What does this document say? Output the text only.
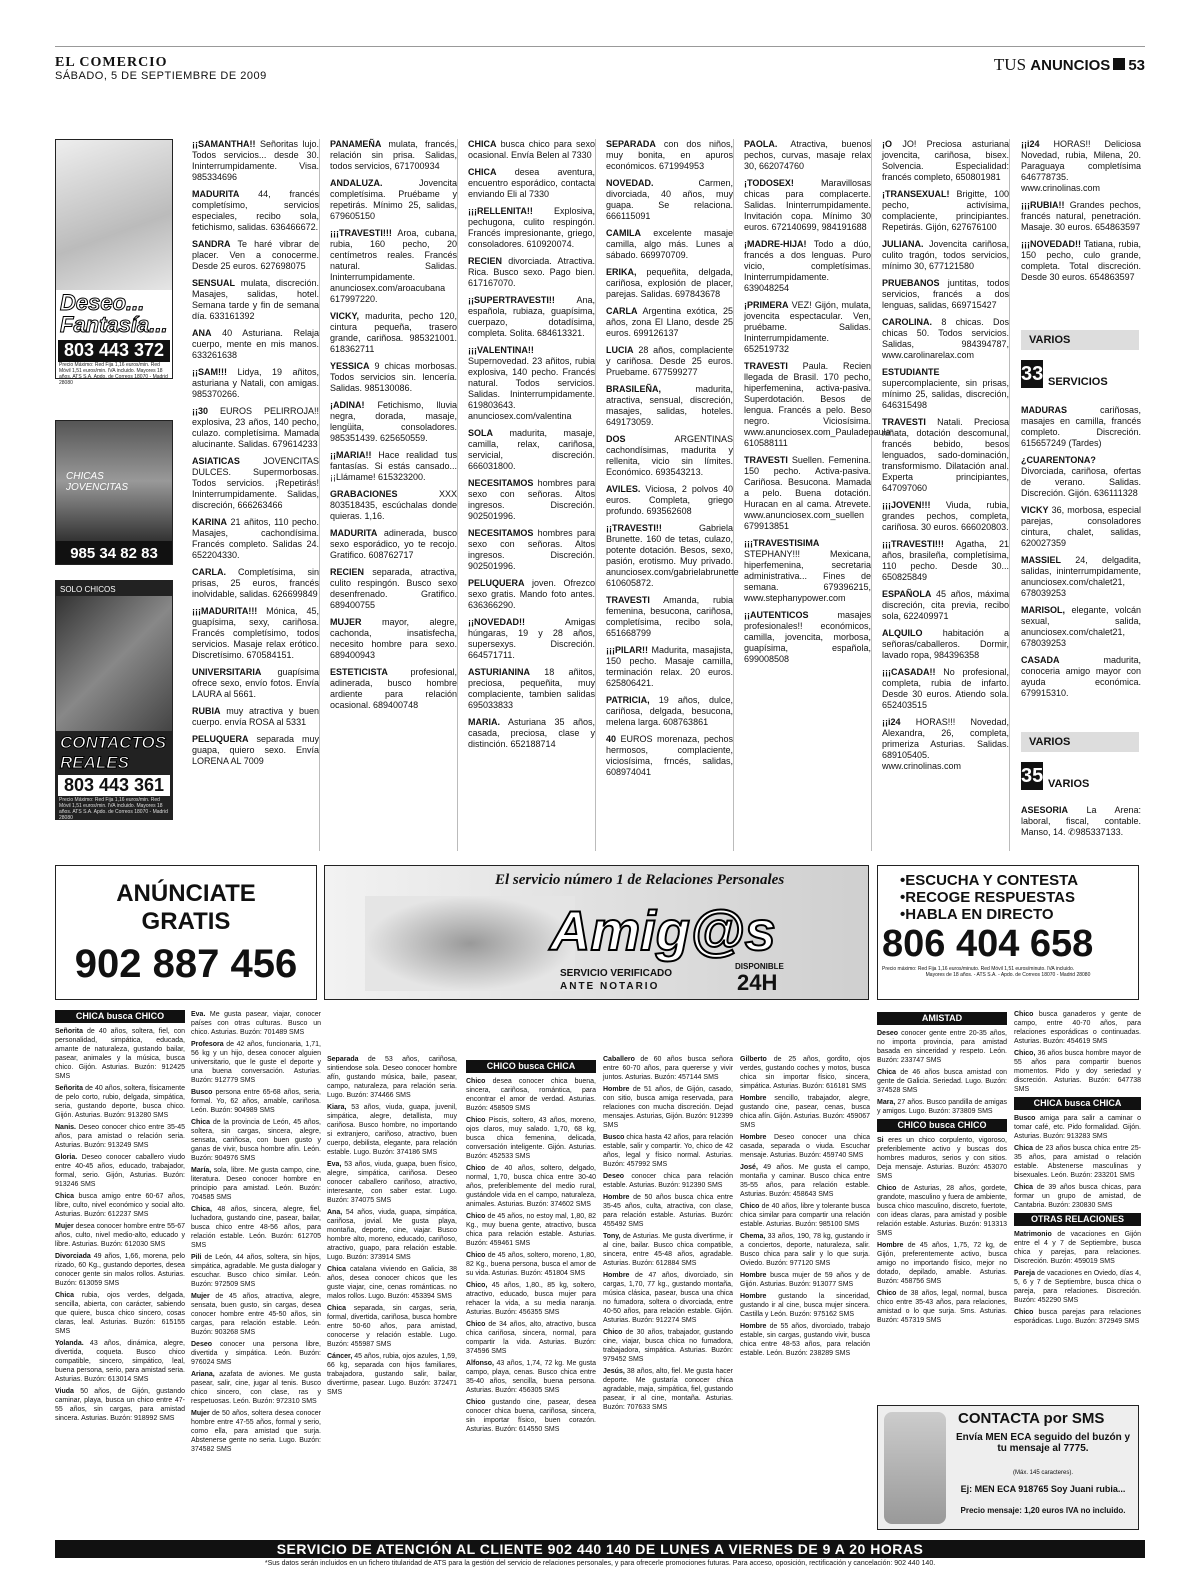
EL COMERCIO
SÁBADO, 5 DE SEPTIEMBRE DE 2009
TUS ANUNCIOS 53
Deseo...
Fantasía...
803 443 372
Precio Máximo: Red Fija 1,16 euros/min. Red Móvil 1,51 euros/min. IVA incluido. Mayores 18 años. ATS S.A. Apdo. de Correos 18070 - Madrid 28080
CHICAS JOVENCITAS
985 34 82 83
SOLO CHICOS
CONTACTOS REALES
803 443 361
Precio Máximo: Red Fija 1,16 euros/min. Red Móvil 1,51 euros/min. IVA incluido. Mayores 18 años. ATS S.A. Apdo. de Correos 18070 - Madrid 28080

¡¡SAMANTHA!! Señoritas lujo. Todos servicios... desde 30. Ininterrumpidamente. Visa. 985334696

MADURITA 44, francés completísimo, servicios especiales, recibo sola, fetichismo, salidas. 636466672.

SANDRA Te haré vibrar de placer. Ven a conocerme. Desde 25 euros. 627698075

SENSUAL mulata, discreción. Masajes, salidas, hotel. Semana tarde y fin de semana día. 633161392

ANA 40 Asturiana. Relaja cuerpo, mente en mis manos. 633261638

¡¡SAM!!! Lidya, 19 añitos, asturiana y Natali, con amigas. 985370266.

¡¡30 EUROS PELIRROJA!! explosiva, 23 años, 140 pecho, culazo. completísima. Mamada alucinante. Salidas. 679614233

ASIATICAS JOVENCITAS DULCES. Supermorbosas. Todos servicios. ¡Repetirás! Ininterrumpidamente. Salidas, discreción, 666263466

KARINA 21 añitos, 110 pecho. Masajes, cachondísima. Francés completo. Salidas 24. 652204330.

CARLA. Completísima, sin prisas, 25 euros, francés inolvidable, salidas. 626699849

¡¡¡MADURITA!!! Mónica, 45, guapísima, sexy, cariñosa. Francés completísimo, todos servicios. Masaje relax erótico. Discretísimo. 670584151.

UNIVERSITARIA guapísima ofrece sexo, envío fotos. Envía LAURA al 5661.

RUBIA muy atractiva y buen cuerpo. envía ROSA al 5331

PELUQUERA separada muy guapa, quiero sexo. Envía LORENA AL 7009

PANAMEÑA mulata, francés, relación sin prisa. Salidas, todos servicios, 671700934

ANDALUZA. Jovencita completísima. Pruébame y repetirás. Mínimo 25, salidas, 679605150

¡¡¡TRAVESTI!!! Aroa, cubana, rubia, 160 pecho, 20 centímetros reales. Francés natural. Salidas. Ininterrumpidamente. anunciosex.com/aroacubana 617997220.

VICKY, madurita, pecho 120, cintura pequeña, trasero grande, cariñosa. 985321001. 618362711

YESSICA 9 chicas morbosas. Todos servicios sin. lencería. Salidas. 985130086.

¡ADINA! Fetichismo, lluvia negra, dorada, masaje, lengüita, consoladores. 985351439. 625650559.

¡¡MARIA!! Hace realidad tus fantasías. Si estás cansado... ¡¡Llámame! 615323200.

GRABACIONES XXX 803518435, escúchalas donde quieras. 1,16.

MADURITA adinerada, busco sexo esporádico, yo te recojo. Gratifico. 608762717

RECIEN separada, atractiva, culito respingón. Busco sexo desenfrenado. Gratifico. 689400755

MUJER mayor, alegre, cachonda, insatisfecha, necesito hombre para sexo. 689400943

ESTETICISTA profesional, adinerada, busco hombre ardiente para relación ocasional. 689400748

CHICA busca chico para sexo ocasional. Envía Belen al 7330

CHICA desea aventura, encuentro esporádico, contacta enviando Eli al 7330

¡¡¡RELLENITA!! Explosiva, pechugona, culito respingón. Francés impresionante, griego, consoladores. 610920074.

RECIEN divorciada. Atractiva. Rica. Busco sexo. Pago bien. 617167070.

¡¡SUPERTRAVESTI!! Ana, española, rubiaza, guapísima, cuerpazo, dotadísima, completa. Solita. 684613321.

¡¡¡VALENTINA!! Supernovedad. 23 añitos, rubia explosiva, 140 pecho. Francés natural. Todos servicios. Salidas. Ininterrumpidamente. 619803643. anunciosex.com/valentina

SOLA madurita, masaje, camilla, relax, cariñosa, servicial, discreción. 666031800.

NECESITAMOS hombres para sexo con señoras. Altos ingresos. Discreción. 902501996.

NECESITAMOS hombres para sexo con señoras. Altos ingresos. Discreción. 902501996.

PELUQUERA joven. Ofrezco sexo gratis. Mando foto antes. 636366290.

¡¡NOVEDAD!! Amigas húngaras, 19 y 28 años, supersexys. Discreción. 664571711.

ASTURIANINA 18 añitos, preciosa, pequeñita, muy complaciente, tambien salidas 695033833

MARIA. Asturiana 35 años, casada, preciosa, clase y distinción. 652188714

SEPARADA con dos niños, muy bonita, en apuros económicos. 671994953

NOVEDAD. Carmen, divorciada, 40 años, muy guapa. Se relaciona. 666115091

CAMILA excelente masaje camilla, algo más. Lunes a sábado. 669970709.

ERIKA, pequeñita, delgada, cariñosa, explosión de placer, parejas. Salidas. 697843678

CARLA Argentina exótica, 25 años, zona El Llano, desde 25 euros. 699126137

LUCIA 28 años, complaciente y cariñosa. Desde 25 euros. Pruebame. 677599277

BRASILEÑA, madurita, atractiva, sensual, discreción, masajes, salidas, hoteles. 649173059.

DOS ARGENTINAS cachondísimas, madurita y rellenita, vicio sin límites. Económico. 693543213.

AVILES. Viciosa, 2 polvos 40 euros. Completa, griego profundo. 693562608

¡¡TRAVESTI!! Gabriela Brunette. 160 de tetas, culazo, potente dotación. Besos, sexo, pasión, erotismo. Muy privado. anunciosex.com/gabrielabrunette 610605872.

TRAVESTI Amanda, rubia femenina, besucona, cariñosa, completísima, recibo sola, 651668799

¡¡¡PILAR!! Madurita, masajista, 150 pecho. Masaje camilla, terminación relax. 20 euros. 625806421.

PATRICIA, 19 años, dulce, cariñosa, delgada, besucona, melena larga. 608763861

40 EUROS morenaza, pechos hermosos, complaciente, viciosísima, frncés, salidas, 608974041

PAOLA. Atractiva, buenos pechos, curvas, masaje relax 30, 662074760

¡TODOSEX! Maravillosas chicas para complacerte. Salidas. Ininterrumpidamente. Invitación copa. Mínimo 30 euros. 672140699, 984191688

¡MADRE-HIJA! Todo a dúo, francés a dos lenguas. Puro vicio, completísimas. Ininterrumpidamente. 639048254

¡PRIMERA VEZ! Gijón, mulata, jovencita espectacular. Ven, pruébame. Salidas. Ininterrumpidamente. 652519732

TRAVESTI Paula. Recien llegada de Brasil. 170 pecho, hiperfemenina, activa-pasiva. Superdotación. Besos de lengua. Francés a pelo. Beso negro. Viciosísima. www.anunciosex.com_Pauladepaula 610588111

TRAVESTI Suellen. Femenina. 150 pecho. Activa-pasiva. Cariñosa. Besucona. Mamada a pelo. Buena dotación. Huracan en al cama. Atrevete. www.anunciosex.com_suellen 679913851

¡¡¡TRAVESTISIMA STEPHANY!!! Mexicana, hiperfemenina, secretaria administrativa... Fines de semana. 679396215, www.stephanypower.com

¡¡AUTENTICOS masajes profesionales!! económicos, camilla, jovencita, morbosa, guapísima, española, 699008508

¡O JO! Preciosa asturiana jovencita, cariñosa, bisex. Solvencia. Especialidad: francés completo, 650801981

¡TRANSEXUAL! Brigitte, 100 pecho, activísima, complaciente, principiantes. Repetirás. Gijón, 627676100

JULIANA. Jovencita cariñosa, culito tragón, todos servicios, mínimo 30, 677121580

PRUEBANOS juntitas, todos servicios, francés a dos lenguas, salidas, 669715427

CAROLINA. 8 chicas. Dos chicas 50. Todos servicios. Salidas, 984394787, www.carolinarelax.com

ESTUDIANTE supercomplaciente, sin prisas, mínimo 25, salidas, discreción, 646315498

TRAVESTI Natali. Preciosa niñata, dotación descomunal, francés bebido, besos lenguados, sado-dominación, transformismo. Dilatación anal. Experta principiantes, 647097060

¡¡¡JOVEN!!! Viuda, rubia, grandes pechos, completa, cariñosa. 30 euros. 666020803.

¡¡¡TRAVESTI!!! Agatha, 21 años, brasileña, completísima, 110 pecho. Desde 30... 650825849

ESPAÑOLA 45 años, máxima discreción, cita previa, recibo sola, 622409971

ALQUILO habitación a señoras/caballeros. Dormir, lavado ropa, 984396358

¡¡¡CASADA!! No profesional, completa, rubia de infarto. Desde 30 euros. Atiendo sola. 652403515

¡¡i24 HORAS!!! Novedad, Alexandra, 26, completa, primeriza Asturias. Salidas. 689105405. www.crinolinas.com

¡¡i24 HORAS!! Deliciosa Novedad, rubia, Milena, 20. Paraguaya completísima 646778735. www.crinolinas.com

¡¡¡RUBIA!! Grandes pechos, francés natural, penetración. Masaje. 30 euros. 654863597

¡¡¡NOVEDAD!! Tatiana, rubia, 150 pecho, culo grande, completa. Total discreción. Desde 30 euros. 654863597

VARIOS
33 SERVICIOS

MADURAS cariñosas, masajes en camilla, francés completo. Discreción. 615657249 (Tardes)

¿CUARENTONA? Divorciada, cariñosa, ofertas de verano. Salidas. Discreción. Gijón. 636111328

VICKY 36, morbosa, especial parejas, consoladores cintura, chalet, salidas, 620027359

MASSIEL 24, delgadita, salidas, ininterrumpidamente, anunciosex.com/chalet21, 678039253

MARISOL, elegante, volcán sexual, salida, anunciosex.com/chalet21, 678039253

CASADA madurita, conoceria amigo mayor con ayuda económica. 679915310.

VARIOS
35 VARIOS

ASESORIA La Arena: laboral, fiscal, contable. Manso, 14. ✆985337133.

ANÚNCIATE
GRATIS
902 887 456
El servicio número 1 de Relaciones Personales
Amig@s
SERVICIO VERIFICADO
ANTE NOTARIO
DISPONIBLE
24H
•ESCUCHA Y CONTESTA
•RECOGE RESPUESTAS
•HABLA EN DIRECTO
806 404 658
Precio máximo: Red Fija 1,16 euros/minuto. Red Móvil 1,51 euros/minuto. IVA incluido.
Mayores de 18 años. - ATS S.A. - Apdo. de Correos 18070 - Madrid 28080
CHICA busca CHICO

Señorita de 40 años, soltera, fiel, con personalidad, simpática, educada, amante de naturaleza, gustando bailar, pasear, animales y la música, busca chico. Gijón. Asturias. Buzón: 912425 SMS

Señorita de 40 años, soltera, físicamente de pelo corto, rubio, delgada, simpática, seria, gustando deporte, busca chico. Gijón. Asturias. Buzón: 913280 SMS

Nanis. Deseo conocer chico entre 35-45 años, para amistad o relación seria. Asturias. Buzón: 913249 SMS

Gloria. Deseo conocer caballero viudo entre 40-45 años, educado, trabajador, formal, serio. Gijón, Asturias. Buzón: 913246 SMS

Chica busca amigo entre 60-67 años, libre, culto, nivel económico y social alto. Asturias. Buzón: 612237 SMS

Mujer desea conocer hombre entre 55-67 años, culto, nivel medio-alto, educado y libre. Asturias. Buzón: 612030 SMS

Divorciada 49 años, 1,66, morena, pelo rizado, 60 Kg., gustando deportes, desea conocer gente sin malos rollos. Asturias. Buzón: 613059 SMS

Chica rubia, ojos verdes, delgada, sencilla, abierta, con carácter, sabiendo que quiere, busca chico sincero, cosas claras, leal. Asturias. Buzón: 615155 SMS

Yolanda. 43 años, dinámica, alegre, divertida, coqueta. Busco chico compatible, sincero, simpático, leal, buena persona, serio, para amistad seria. Asturias. Buzón: 613014 SMS

Viuda 50 años, de Gijón, gustando caminar, playa, busca un chico entre 47-55 años, sin cargas, para amistad sincera. Asturias. Buzón: 918992 SMS

Eva. Me gusta pasear, viajar, conocer países con otras culturas. Busco un chico. Asturias. Buzón: 701489 SMS

Profesora de 42 años, funcionaria, 1,71, 56 kg y un hijo, desea conocer alguien universitario, que le guste el deporte y una buena conversación. Asturias. Buzón: 912779 SMS

Busco persona entre 65-68 años, seria, formal. Yo, 62 años, amable, cariñosa. León. Buzón: 904989 SMS

Chica de la provincia de León, 45 años, soltera, sin cargas, sincera, alegre, sensata, cariñosa, con buen gusto y ganas de vivir, busca hombre afín. León. Buzón: 904976 SMS

María, sola, libre. Me gusta campo, cine, literatura. Deseo conocer hombre en principio para amistad. León. Buzón: 704585 SMS

Chica, 48 años, sincera, alegre, fiel, luchadora, gustando cine, pasear, bailar, busca chico entre 48-56 años, para relación estable. León. Buzón: 612705 SMS

Pili de León, 44 años, soltera, sin hijos, simpática, agradable. Me gusta dialogar y escuchar. Busco chico similar. León. Buzón: 972509 SMS

Mujer de 45 años, atractiva, alegre, sensata, buen gusto, sin cargas, desea conocer hombre entre 45-50 años, sin cargas, para relación estable. León. Buzón: 903268 SMS

Deseo conocer una persona libre, divertida y simpática. León. Buzón: 976024 SMS

Ariana, azafata de aviones. Me gusta pasear, salir, cine, jugar al tenis. Busco chico sincero, con clase, ras y respetuosas. León. Buzón: 972310 SMS

Mujer de 50 años, soltera desea conocer hombre entre 47-55 años, formal y serio, como ella, para amistad que surja. Abstenerse gente no seria. Lugo. Buzón: 374582 SMS

Separada de 53 años, cariñosa, sintiendose sola. Deseo conocer hombre afín, gustando música, baile, pasear, campo, naturaleza, para relación seria. Lugo. Buzón: 374466 SMS

Kiara, 53 años, viuda, guapa, juvenil, simpática, alegre, detallista, muy cariñosa. Busco hombre, no importando si extranjero, cariñoso, atractivo, buen cuerpo, debilista, elegante, para relación estable. Lugo. Buzón: 374186 SMS

Eva, 53 años, viuda, guapa, buen físico, alegre, simpática, cariñosa. Deseo conocer caballero cariñoso, atractivo, interesante, con saber estar. Lugo. Buzón: 374075 SMS

Ana, 54 años, viuda, guapa, simpática, cariñosa, jovial. Me gusta playa, montaña, deporte, cine, viajar. Busco hombre alto, moreno, educado, cariñoso, atractivo, guapo, para relación estable. Lugo. Buzón: 373914 SMS

Chica catalana viviendo en Galicia, 38 años, desea conocer chicos que les guste viajar, cine, cenas románticas. no malos rollos. Lugo. Buzón: 453394 SMS

Chica separada, sin cargas, seria, formal, divertida, cariñosa, busca hombre entre 50-60 años, para amistad, conocerse y relación estable. Lugo. Buzón: 455987 SMS

Cáncer, 45 años, rubia, ojos azules, 1,59, 66 kg, separada con hijos familiares, trabajadora, gustando salir, bailar, divertirme, pasear. Lugo. Buzón: 372471 SMS

CHICO busca CHICA

Chico desea conocer chica buena, sincera, cariñosa, romántica, para encontrar el amor de verdad. Asturias. Buzón: 458509 SMS

Chico Piscis, soltero, 43 años, moreno, ojos claros, muy salado. 1,70, 68 kg, busca chica femenina, delicada, conversación inteligente. Gijón. Asturias. Buzón: 452533 SMS

Chico de 40 años, soltero, delgado, normal, 1,70, busca chica entre 30-40 años, preferiblemente del medio rural, gustándole vida en el campo, naturaleza, animales. Asturias. Buzón: 374602 SMS

Chico de 45 años, no estoy mal, 1,80, 82 Kg., muy buena gente, atractivo, busca chica para relación estable. Asturias. Buzón: 459461 SMS

Chico de 45 años, soltero, moreno, 1,80, 82 Kg., buena persona, busca el amor de su vida. Asturias. Buzón: 451804 SMS

Chico, 45 años, 1,80., 85 kg, soltero, atractivo, educado, busca mujer para rehacer la vida, a su media naranja. Asturias. Buzón: 456355 SMS

Chico de 34 años, alto, atractivo, busca chica cariñosa, sincera, normal, para compartir la vida. Asturias. Buzón: 374596 SMS

Alfonso, 43 años, 1,74, 72 kg. Me gusta campo, playa, cenas. Busco chica entre 35-40 años, sencilla, buena persona. Asturias. Buzón: 456305 SMS

Chico gustando cine, pasear, desea conocer chica buena, cariñosa, sincera, sin importar físico, buen corazón. Asturias. Buzón: 614550 SMS

Caballero de 60 años busca señora entre 60-70 años, para quererse y vivir juntos. Asturias. Buzón: 457144 SMS

Hombre de 51 años, de Gijón, casado, con sitio, busca amiga reservada, para relaciones con mucha discreción. Dejad mensajes. Asturias, Gijón. Buzón: 912399 SMS

Busco chica hasta 42 años, para relación estable, salir y compartir. Yo, chico de 42 años, legal y físico normal. Asturias. Buzón: 457992 SMS

Deseo conocer chica para relación estable. Asturias. Buzón: 912390 SMS

Hombre de 50 años busca chica entre 35-45 años, culta, atractiva, con clase, para relación estable. Asturias. Buzón: 455492 SMS

Tony, de Asturias. Me gusta divertirme, ir al cine, bailar. Busco chica compatible, sincera, entre 45-48 años, agradable. Asturias. Buzón: 612884 SMS

Hombre de 47 años, divorciado, sin cargas, 1,70, 77 kg., gustando montaña, música clásica, pasear, busca una chica no fumadora, soltera o divorciada, entre 40-50 años, para relación estable. Gijón. Asturias. Buzón: 912274 SMS

Chico de 30 años, trabajador, gustando cine, viajar, busca chica no fumadora, trabajadora, simpática. Asturias. Buzón: 979452 SMS

Jesús, 38 años, alto, fiel. Me gusta hacer deporte. Me gustaría conocer chica agradable, maja, simpática, fiel, gustando pasear, ir al cine, montaña. Asturias. Buzón: 707633 SMS

Gilberto de 25 años, gordito, ojos verdes, gustando coches y motos, busca chica sin importar físico, sincera, simpática. Asturias. Buzón: 616181 SMS

Hombre sencillo, trabajador, alegre, gustando cine, pasear, cenas, busca chica afín. Gijón. Asturias. Buzón: 459067 SMS

Hombre Deseo conocer una chica casada, separada o viuda. Escuchar mensaje. Asturias. Buzón: 459740 SMS

José, 49 años. Me gusta el campo, montaña y caminar. Busco chica entre 35-55 años, para relación estable. Asturias. Buzón: 458643 SMS

Chico de 40 años, libre y tolerante busca chica similar para compartir una relación estable. Asturias. Buzón: 985100 SMS

Chema, 33 años, 190, 78 kg, gustando ir a conciertos, deporte, naturaleza, salir. Busco chica para salir y lo que surja. Oviedo. Buzón: 977120 SMS

Hombre busca mujer de 59 años y de Gijón. Asturias. Buzón: 913077 SMS

Hombre gustando la sinceridad, gustando ir al cine, busca mujer sincera. Castilla y León. Buzón: 975162 SMS

Hombre de 55 años, divorciado, trabajo estable, sin cargas, gustando vivir, busca chica entre 48-53 años, para relación estable. León. Buzón: 238289 SMS

AMISTAD

Deseo conocer gente entre 20-35 años, no importa provincia, para amistad basada en sinceridad y respeto. León. Buzón: 233747 SMS

Chica de 46 años busca amistad con gente de Galicia. Seriedad. Lugo. Buzón: 374528 SMS

Mara, 27 años. Busco pandilla de amigas y amigos. Lugo. Buzón: 373809 SMS

CHICO busca CHICO

Si eres un chico corpulento, vigoroso, preferiblemente activo y buscas dos hombres maduros, serios y con sitios. Deja mensaje. Asturias. Buzón: 453070 SMS

Chico de Asturias, 28 años, gordete, grandote, masculino y fuera de ambiente, busca chico masculino, discreto, fuertote, con ideas claras, para amistad y posible relación estable. Asturias. Buzón: 913313 SMS

Hombre de 45 años, 1,75, 72 kg, de Gijón, preferentemente activo, busca amigo no importando físico, mejor no dotado, depilado, amable. Asturias. Buzón: 458756 SMS

Chico de 38 años, legal, normal, busca chico entre 35-43 años, para relaciones, amistad o lo que surja. Sms. Asturias. Buzón: 457319 SMS

Chico busca ganaderos y gente de campo, entre 40-70 años, para relaciones esporádicas o continuadas. Asturias. Buzón: 454619 SMS

Chico, 36 años busca hombre mayor de 55 años para compartir buenos momentos. Pido y doy seriedad y discreción. Asturias. Buzón: 647738 SMS

CHICA busca CHICA

Busco amiga para salir a caminar o tomar café, etc. Pido formalidad. Gijón. Asturias. Buzón: 913283 SMS

Chica de 23 años busca chica entre 25-35 años, para amistad o relación estable. Abstenerse masculinas y bisexuales. León. Buzón: 233201 SMS

Chica de 39 años busca chicas, para formar un grupo de amistad, de Cantabria. Buzón: 230830 SMS

OTRAS RELACIONES

Matrimonio de vacaciones en Gijón entre el 4 y 7 de Septiembre, busca chica y parejas, para relaciones. Discreción. Buzón: 459019 SMS

Pareja de vacaciones en Oviedo, días 4, 5, 6 y 7 de Septiembre, busca chica o pareja, para relaciones. Discreción. Buzón: 452290 SMS

Chico busca parejas para relaciones esporádicas. Lugo. Buzón: 372949 SMS

CONTACTA por SMS
Envía MEN ECA seguido del buzón y tu mensaje al 7775.
(Máx. 145 caracteres).
Ej: MEN ECA 918765 Soy Juani rubia...
Precio mensaje: 1,20 euros IVA no incluido.
SERVICIO DE ATENCIÓN AL CLIENTE 902 440 140 DE LUNES A VIERNES DE 9 A 20 HORAS
*Sus datos serán incluidos en un fichero titularidad de ATS para la gestión del servicio de relaciones personales, y para ofrecerle promociones futuras. Para acceso, oposición, rectificación y cancelación: 902 440 140.
